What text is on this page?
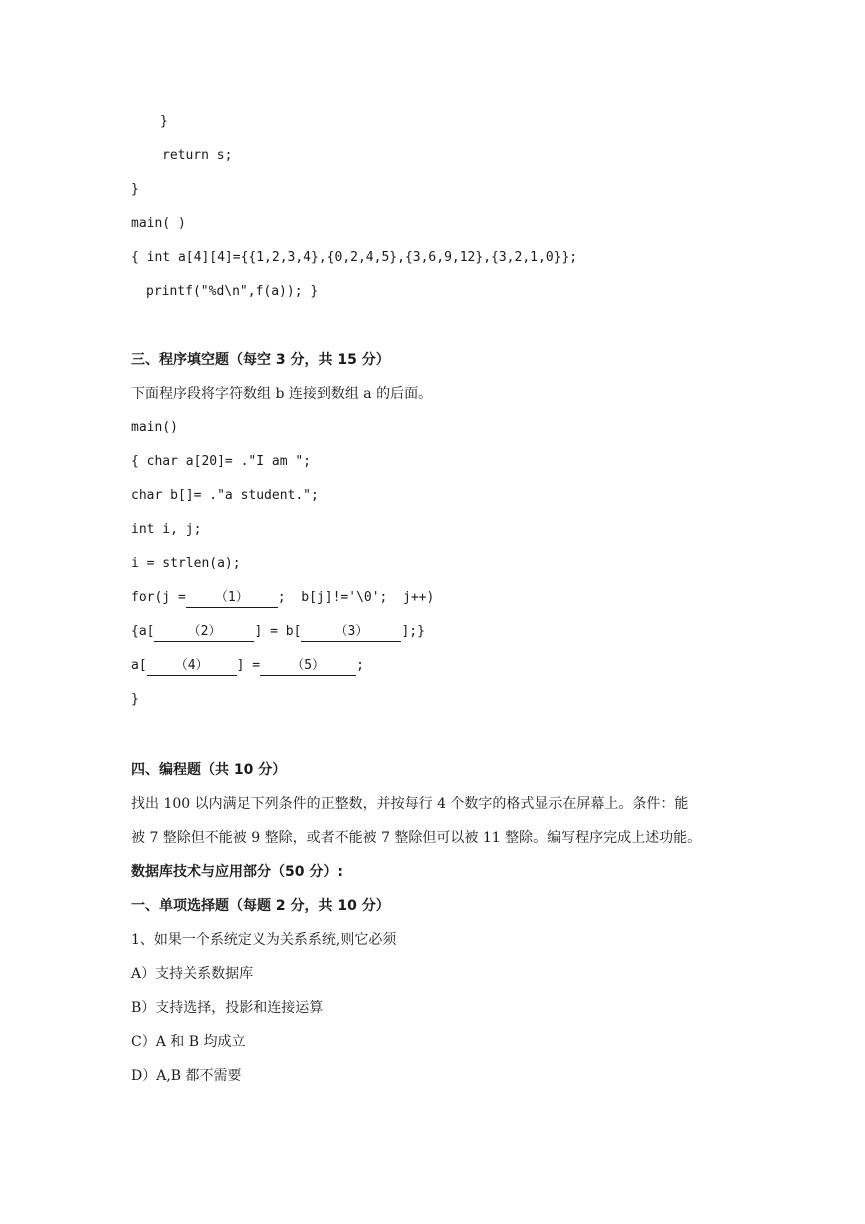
}
return s;
}
main( )
{ int a[4][4]={{1,2,3,4},{0,2,4,5},{3,6,9,12},{3,2,1,0}};
printf("%d\n",f(a)); }
三、程序填空题（每空 3 分，共 15 分）
下面程序段将字符数组 b 连接到数组 a 的后面。
main()
{ char a[20]= ."I am ";
char b[]= ."a student.";
int i, j;
i = strlen(a);
for(j = （1） ;  b[j]!='\0';  j++)
{a[	（2）	] = b[	（3）	];}
a[ （4） ] = （5） ;
}
四、编程题（共 10 分）
找出 100 以内满足下列条件的正整数，并按每行 4 个数字的格式显示在屏幕上。条件：能
被 7 整除但不能被 9 整除，或者不能被 7 整除但可以被 11 整除。编写程序完成上述功能。
数据库技术与应用部分（50 分）:
一、单项选择题（每题 2 分，共 10 分）
1、如果一个系统定义为关系系统,则它必须
A）支持关系数据库
B）支持选择，投影和连接运算
C）A 和 B 均成立
D）A,B 都不需要
